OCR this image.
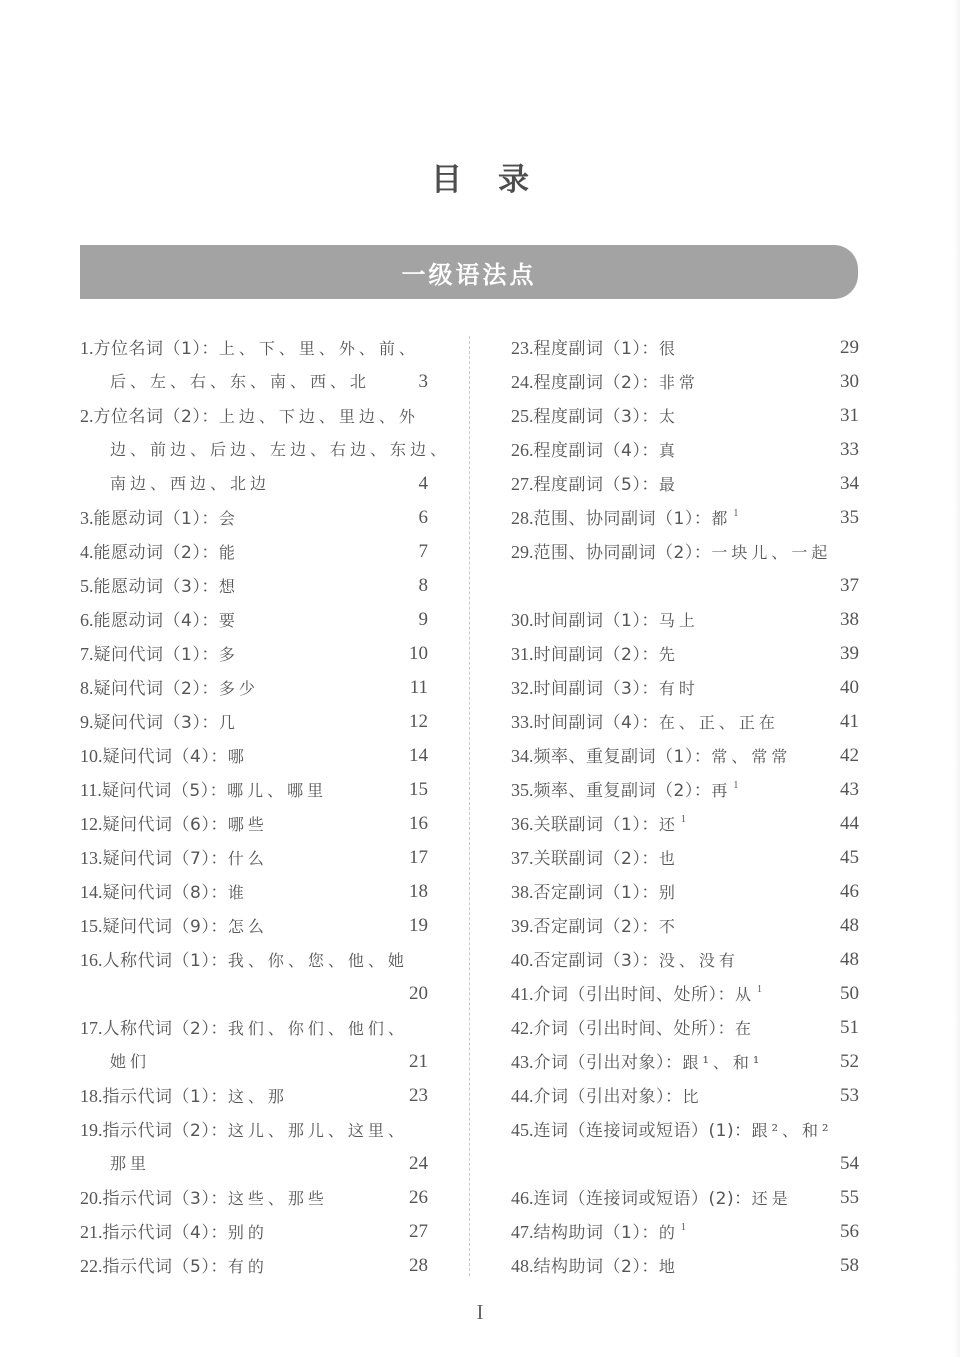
目录
一级语法点
1.方位名词（1）：上、下、里、外、前、
后、左、右、东、南、西、北	3
2.方位名词（2）：上边、下边、里边、外
边、前边、后边、左边、右边、东边、
南边、西边、北边	4
3.能愿动词（1）：会	6
4.能愿动词（2）：能	7
5.能愿动词（3）：想	8
6.能愿动词（4）：要	9
7.疑问代词（1）：多	10
8.疑问代词（2）：多少	11
9.疑问代词（3）：几	12
10.疑问代词（4）：哪	14
11.疑问代词（5）：哪儿、哪里	15
12.疑问代词（6）：哪些	16
13.疑问代词（7）：什么	17
14.疑问代词（8）：谁	18
15.疑问代词（9）：怎么	19
16.人称代词（1）：我、你、您、他、她
20
17.人称代词（2）：我们、你们、他们、
她们	21
18.指示代词（1）：这、那	23
19.指示代词（2）：这儿、那儿、这里、
那里	24
20.指示代词（3）：这些、那些	26
21.指示代词（4）：别的	27
22.指示代词（5）：有的	28
23.程度副词（1）：很	29
24.程度副词（2）：非常	30
25.程度副词（3）：太	31
26.程度副词（4）：真	33
27.程度副词（5）：最	34
28.范围、协同副词（1）：都 $^1$	35
29.范围、协同副词（2）：一块儿、一起
37
30.时间副词（1）：马上	38
31.时间副词（2）：先	39
32.时间副词（3）：有时	40
33.时间副词（4）：在、正、正在	41
34.频率、重复副词（1）：常、常常	42
35.频率、重复副词（2）：再 $^1$	43
36.关联副词（1）：还 $^1$	44
37.关联副词（2）：也	45
38.否定副词（1）：别	46
39.否定副词（2）：不	48
40.否定副词（3）：没、没有	48
41.介词（引出时间、处所）：从 $^1$	50
42.介词（引出时间、处所）：在	51
43.介词（引出对象）：跟¹、和¹	52
44.介词（引出对象）：比	53
45.连词（连接词或短语）(1)：跟²、和²
54
46.连词（连接词或短语）(2)：还是	55
47.结构助词（1）：的 $^1$	56
48.结构助词（2）：地	58
I
